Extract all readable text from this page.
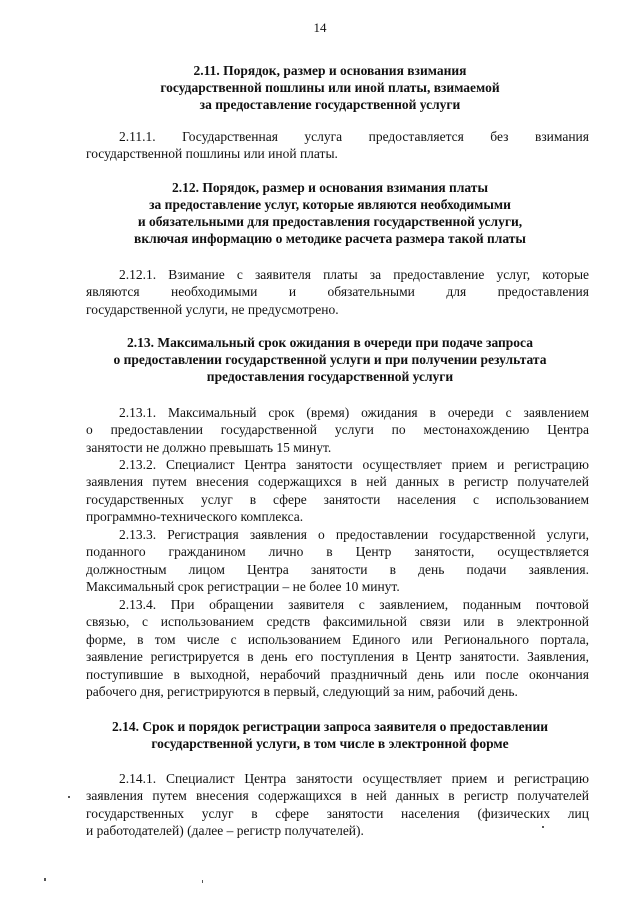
14
2.11. Порядок, размер и основания взимания
государственной пошлины или иной платы, взимаемой
за предоставление государственной услуги
2.11.1. Государственная услуга предоставляется без взимания
государственной пошлины или иной платы.
2.12. Порядок, размер и основания взимания платы
за предоставление услуг, которые являются необходимыми
и обязательными для предоставления государственной услуги,
включая информацию о методике расчета размера такой платы
2.12.1. Взимание с заявителя платы за предоставление услуг, которые
являются необходимыми и обязательными для предоставления
государственной услуги, не предусмотрено.
2.13. Максимальный срок ожидания в очереди при подаче запроса
о предоставлении государственной услуги и при получении результата
предоставления государственной услуги
2.13.1. Максимальный срок (время) ожидания в очереди с заявлением
о предоставлении государственной услуги по местонахождению Центра
занятости не должно превышать 15 минут.
2.13.2. Специалист Центра занятости осуществляет прием и регистрацию
заявления путем внесения содержащихся в ней данных в регистр получателей
государственных услуг в сфере занятости населения с использованием
программно-технического комплекса.
2.13.3. Регистрация заявления о предоставлении государственной услуги,
поданного гражданином лично в Центр занятости, осуществляется
должностным лицом Центра занятости в день подачи заявления.
Максимальный срок регистрации – не более 10 минут.
2.13.4. При обращении заявителя с заявлением, поданным почтовой
связью, с использованием средств факсимильной связи или в электронной
форме, в том числе с использованием Единого или Регионального портала,
заявление регистрируется в день его поступления в Центр занятости. Заявления,
поступившие в выходной, нерабочий праздничный день или после окончания
рабочего дня, регистрируются в первый, следующий за ним, рабочий день.
2.14. Срок и порядок регистрации запроса заявителя о предоставлении
государственной услуги, в том числе в электронной форме
2.14.1. Специалист Центра занятости осуществляет прием и регистрацию
заявления путем внесения содержащихся в ней данных в регистр получателей
государственных услуг в сфере занятости населения (физических лиц
и работодателей) (далее – регистр получателей).
